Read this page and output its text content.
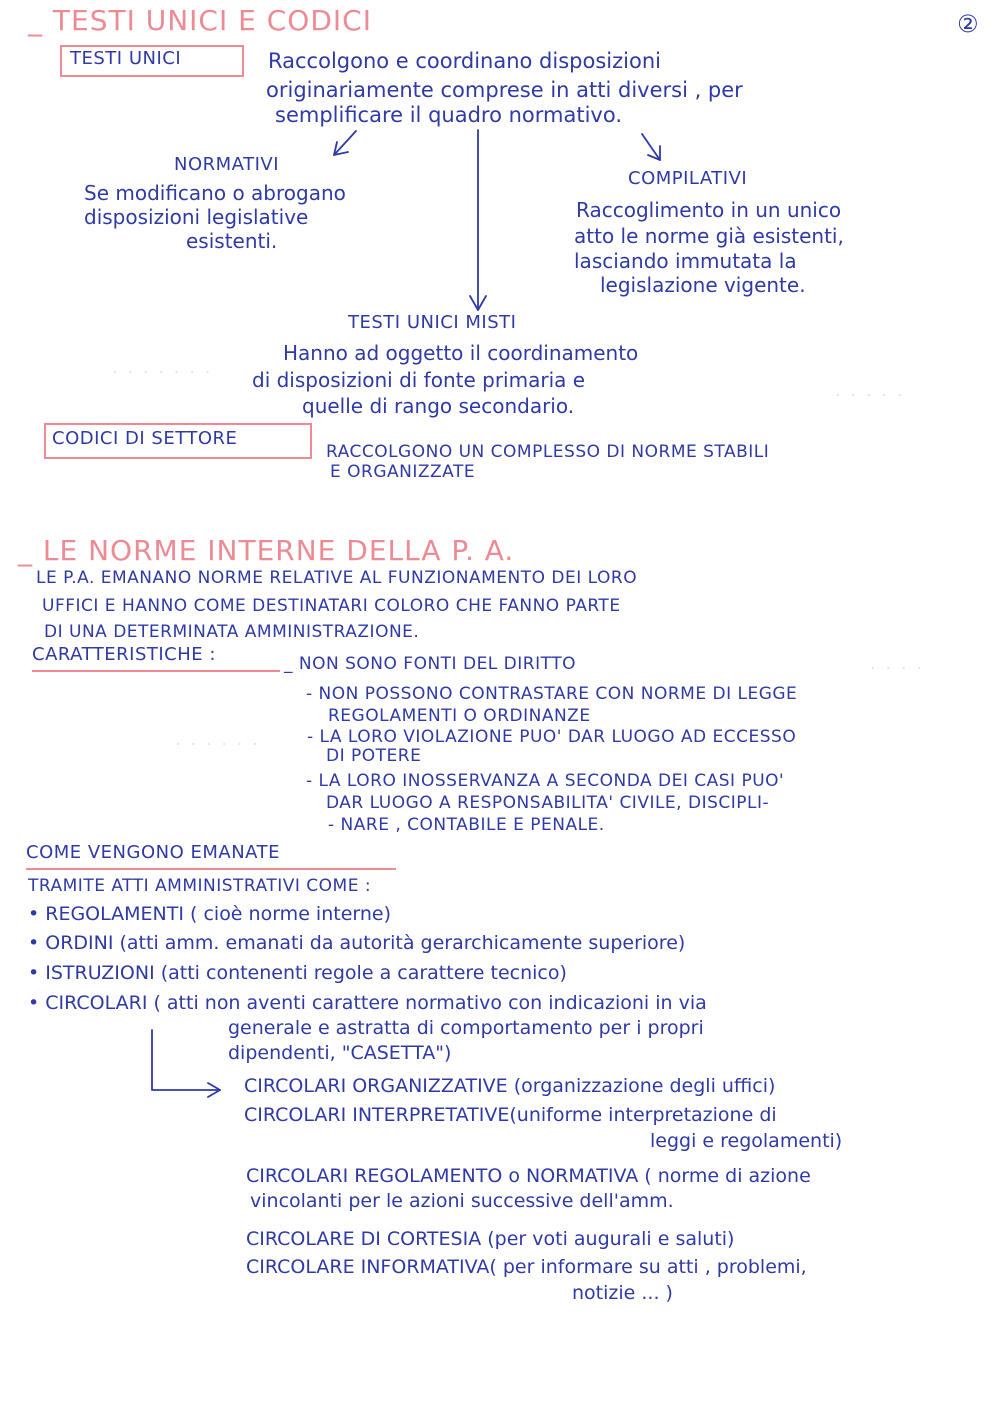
②
_ TESTI UNICI E CODICI
TESTI UNICI	Raccolgono e coordinano disposizioni
originariamente comprese in atti diversi , per
semplificare il quadro normativo.
NORMATIVI
Se modificano o abrogano
disposizioni legislative
esistenti.
COMPILATIVI
Raccoglimento in un unico
atto le norme già esistenti,
lasciando immutata la
legislazione vigente.
TESTI UNICI MISTI
Hanno ad oggetto il coordinamento
di disposizioni di fonte primaria e
quelle di rango secondario.
· · · · · · ·
· · · · ·
CODICI DI SETTORE
RACCOLGONO UN COMPLESSO DI NORME STABILI
E ORGANIZZATE
_ LE NORME INTERNE DELLA P. A.
LE P.A. EMANANO NORME RELATIVE AL FUNZIONAMENTO DEI LORO
UFFICI E HANNO COME DESTINATARI COLORO CHE FANNO PARTE
DI UNA DETERMINATA AMMINISTRAZIONE.
CARATTERISTICHE :	_ NON SONO FONTI DEL DIRITTO
- NON POSSONO CONTRASTARE CON NORME DI LEGGE
REGOLAMENTI O ORDINANZE
- LA LORO VIOLAZIONE PUO' DAR LUOGO AD ECCESSO
DI POTERE
- LA LORO INOSSERVANZA A SECONDA DEI CASI PUO'
DAR LUOGO A RESPONSABILITA' CIVILE, DISCIPLI-
- NARE , CONTABILE E PENALE.
· · · · · ·
· · · ·
COME VENGONO EMANATE
TRAMITE ATTI AMMINISTRATIVI COME :
• REGOLAMENTI ( cioè norme interne)
• ORDINI (atti amm. emanati da autorità gerarchicamente superiore)
• ISTRUZIONI (atti contenenti regole a carattere tecnico)
• CIRCOLARI ( atti non aventi carattere normativo con indicazioni in via
generale e astratta di comportamento per i propri
dipendenti, "CASETTA")
CIRCOLARI ORGANIZZATIVE (organizzazione degli uffici)
CIRCOLARI INTERPRETATIVE(uniforme interpretazione di
leggi e regolamenti)
CIRCOLARI REGOLAMENTO o NORMATIVA ( norme di azione
vincolanti per le azioni successive dell'amm.
CIRCOLARE DI CORTESIA (per voti augurali e saluti)
CIRCOLARE INFORMATIVA( per informare su atti , problemi,
notizie ... )
